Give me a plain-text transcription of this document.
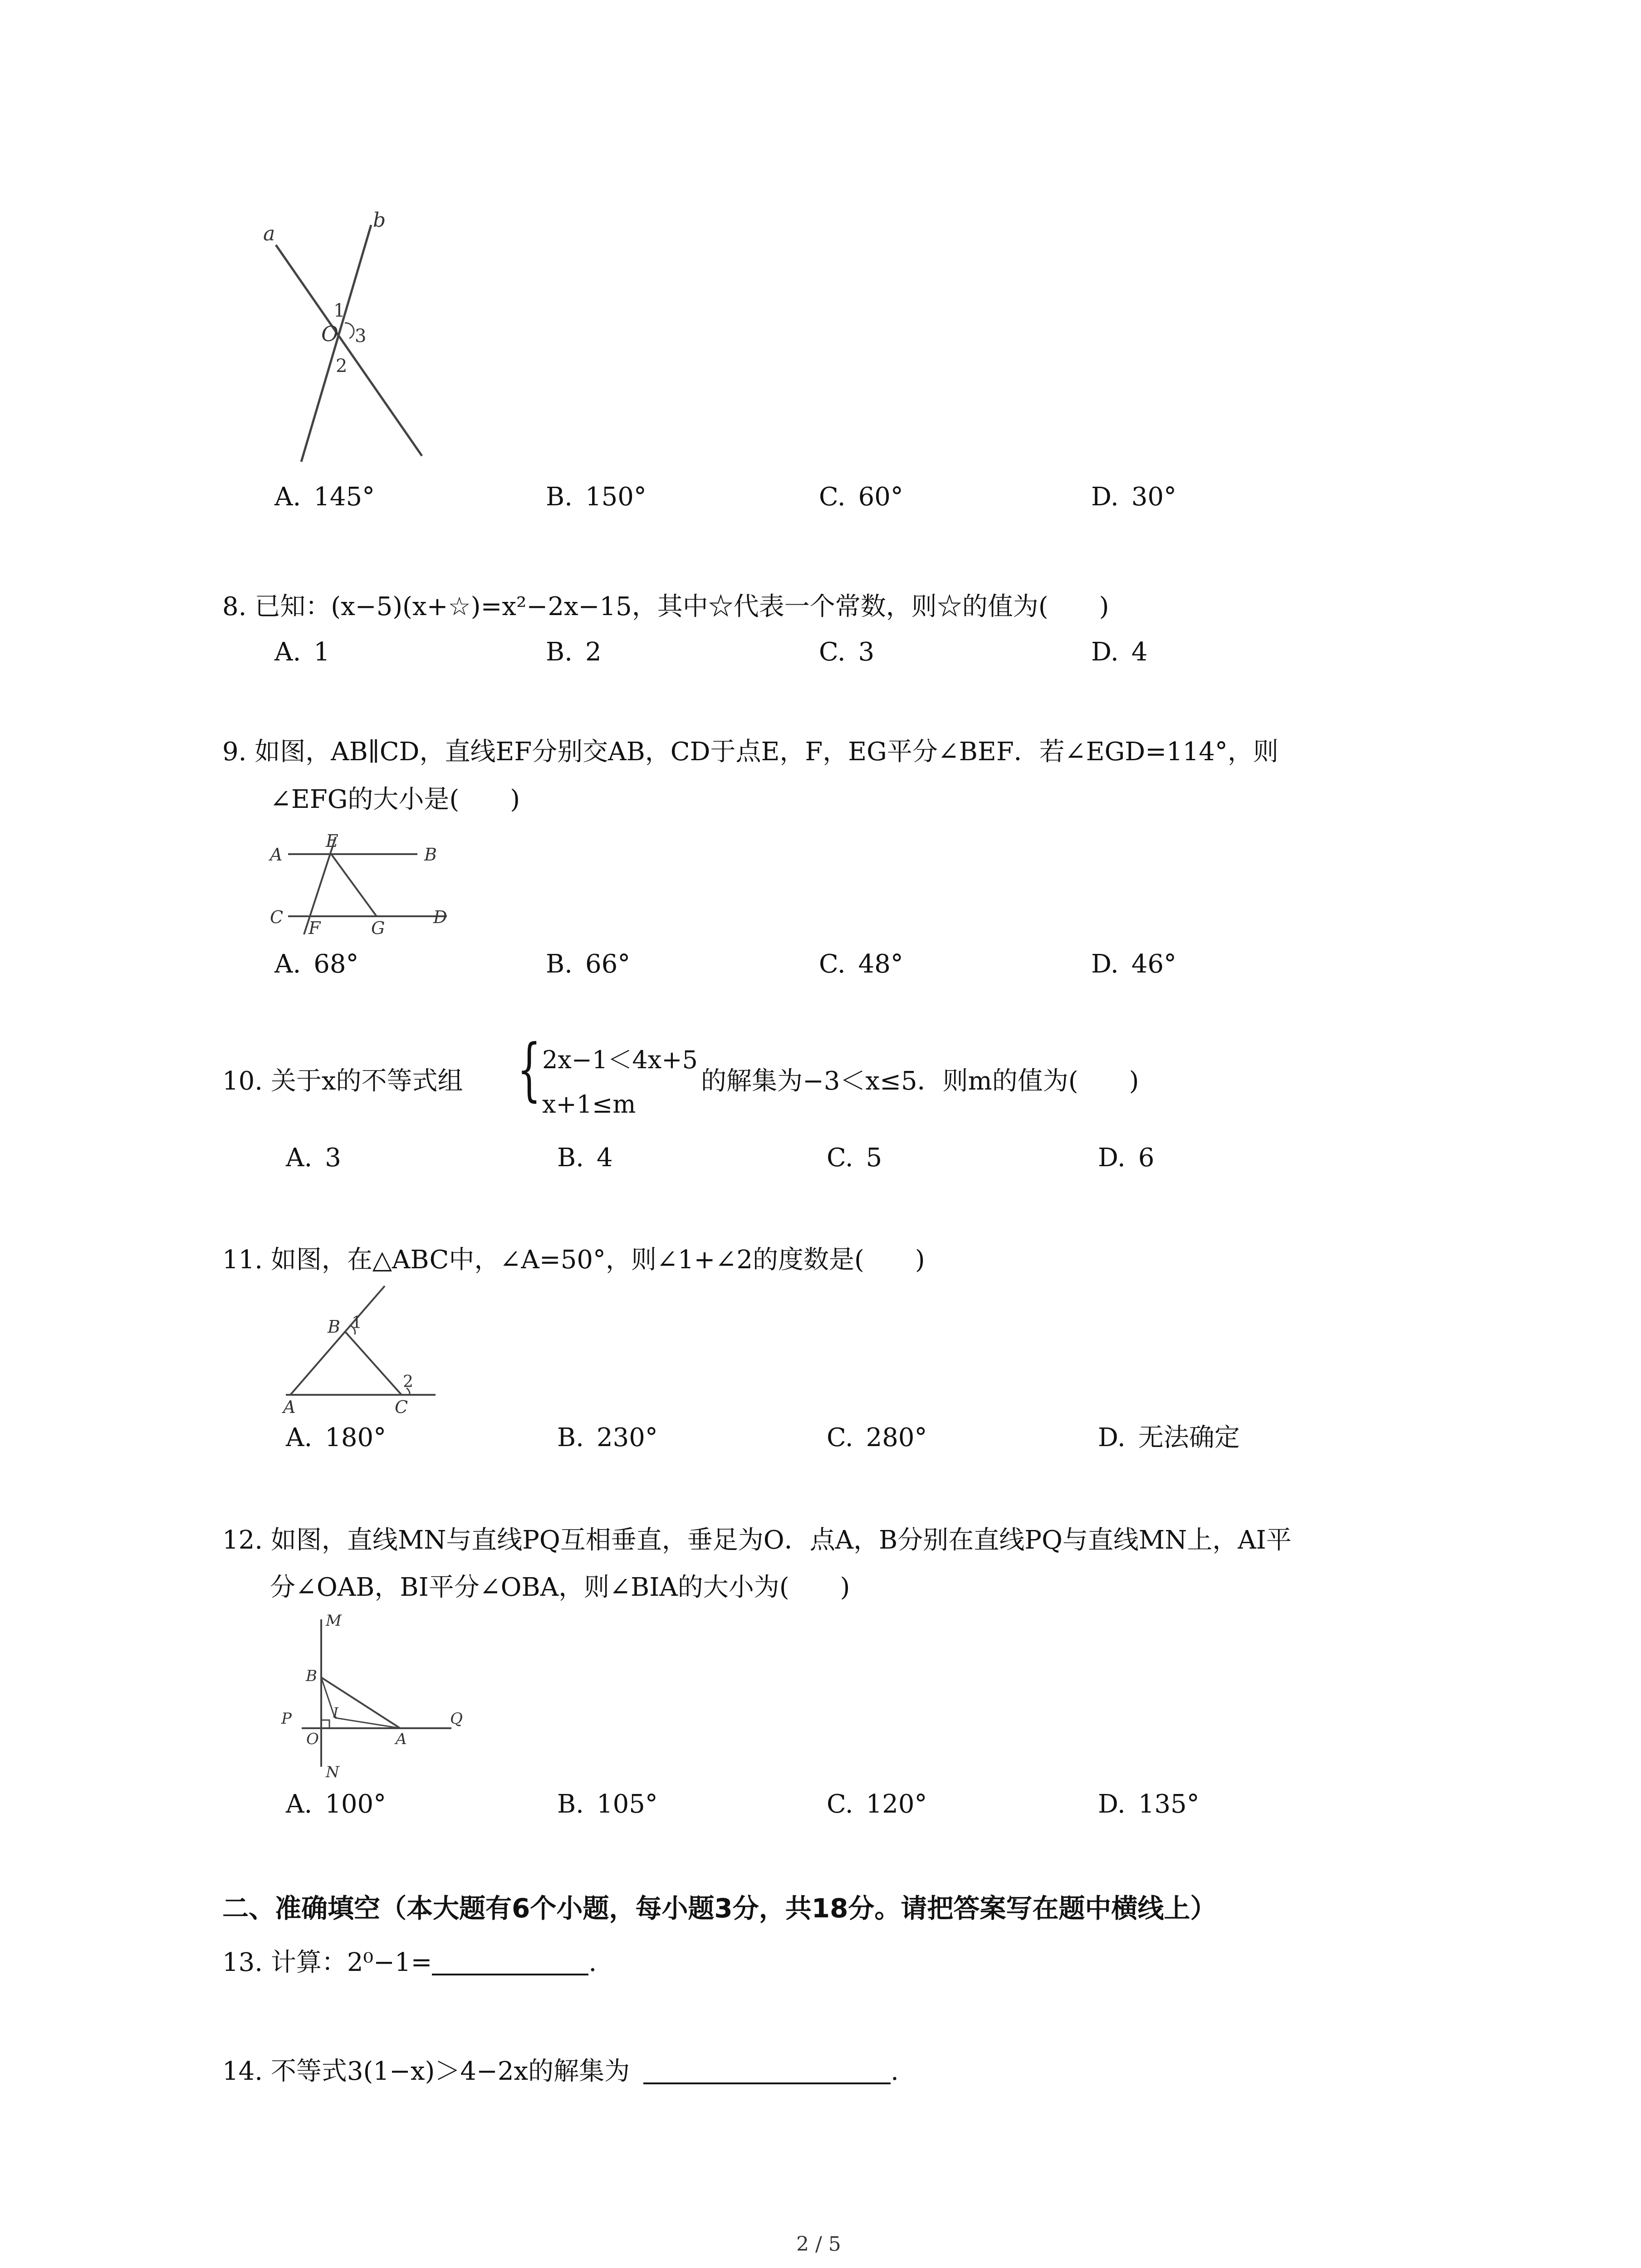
a
b
O
1
2
3
A. 145°	B. 150°	C. 60°	D. 30°
8. 已知：(x−5)(x+☆)=x²−2x−15，其中☆代表一个常数，则☆的值为(  )
A. 1	B. 2	C. 3	D. 4
9. 如图，AB∥CD，直线EF分别交AB，CD于点E，F，EG平分∠BEF．若∠EGD=114°，则
∠EFG的大小是(  )
A	B
C	D
E
F	G
A. 68°	B. 66°	C. 48°	D. 46°
10. 关于x的不等式组 { 2x−1＜4x+5
x+1≤m
的解集为−3＜x≤5．则m的值为(  )
A. 3	B. 4	C. 5	D. 6
11. 如图，在△ABC中，∠A=50°，则∠1+∠2的度数是(  )
A
B
C
1
2
A. 180°	B. 230°	C. 280°	D. 无法确定
12. 如图，直线MN与直线PQ互相垂直，垂足为O．点A，B分别在直线PQ与直线MN上，AI平
分∠OAB，BI平分∠OBA，则∠BIA的大小为(  )
M
N
P	Q
O	A
B
I
A. 100°	B. 105°	C. 120°	D. 135°
二、准确填空（本大题有6个小题，每小题3分，共18分。请把答案写在题中横线上）
13. 计算：2⁰−1=	.
14. 不等式3(1−x)＞4−2x的解集为	.
2 / 5
